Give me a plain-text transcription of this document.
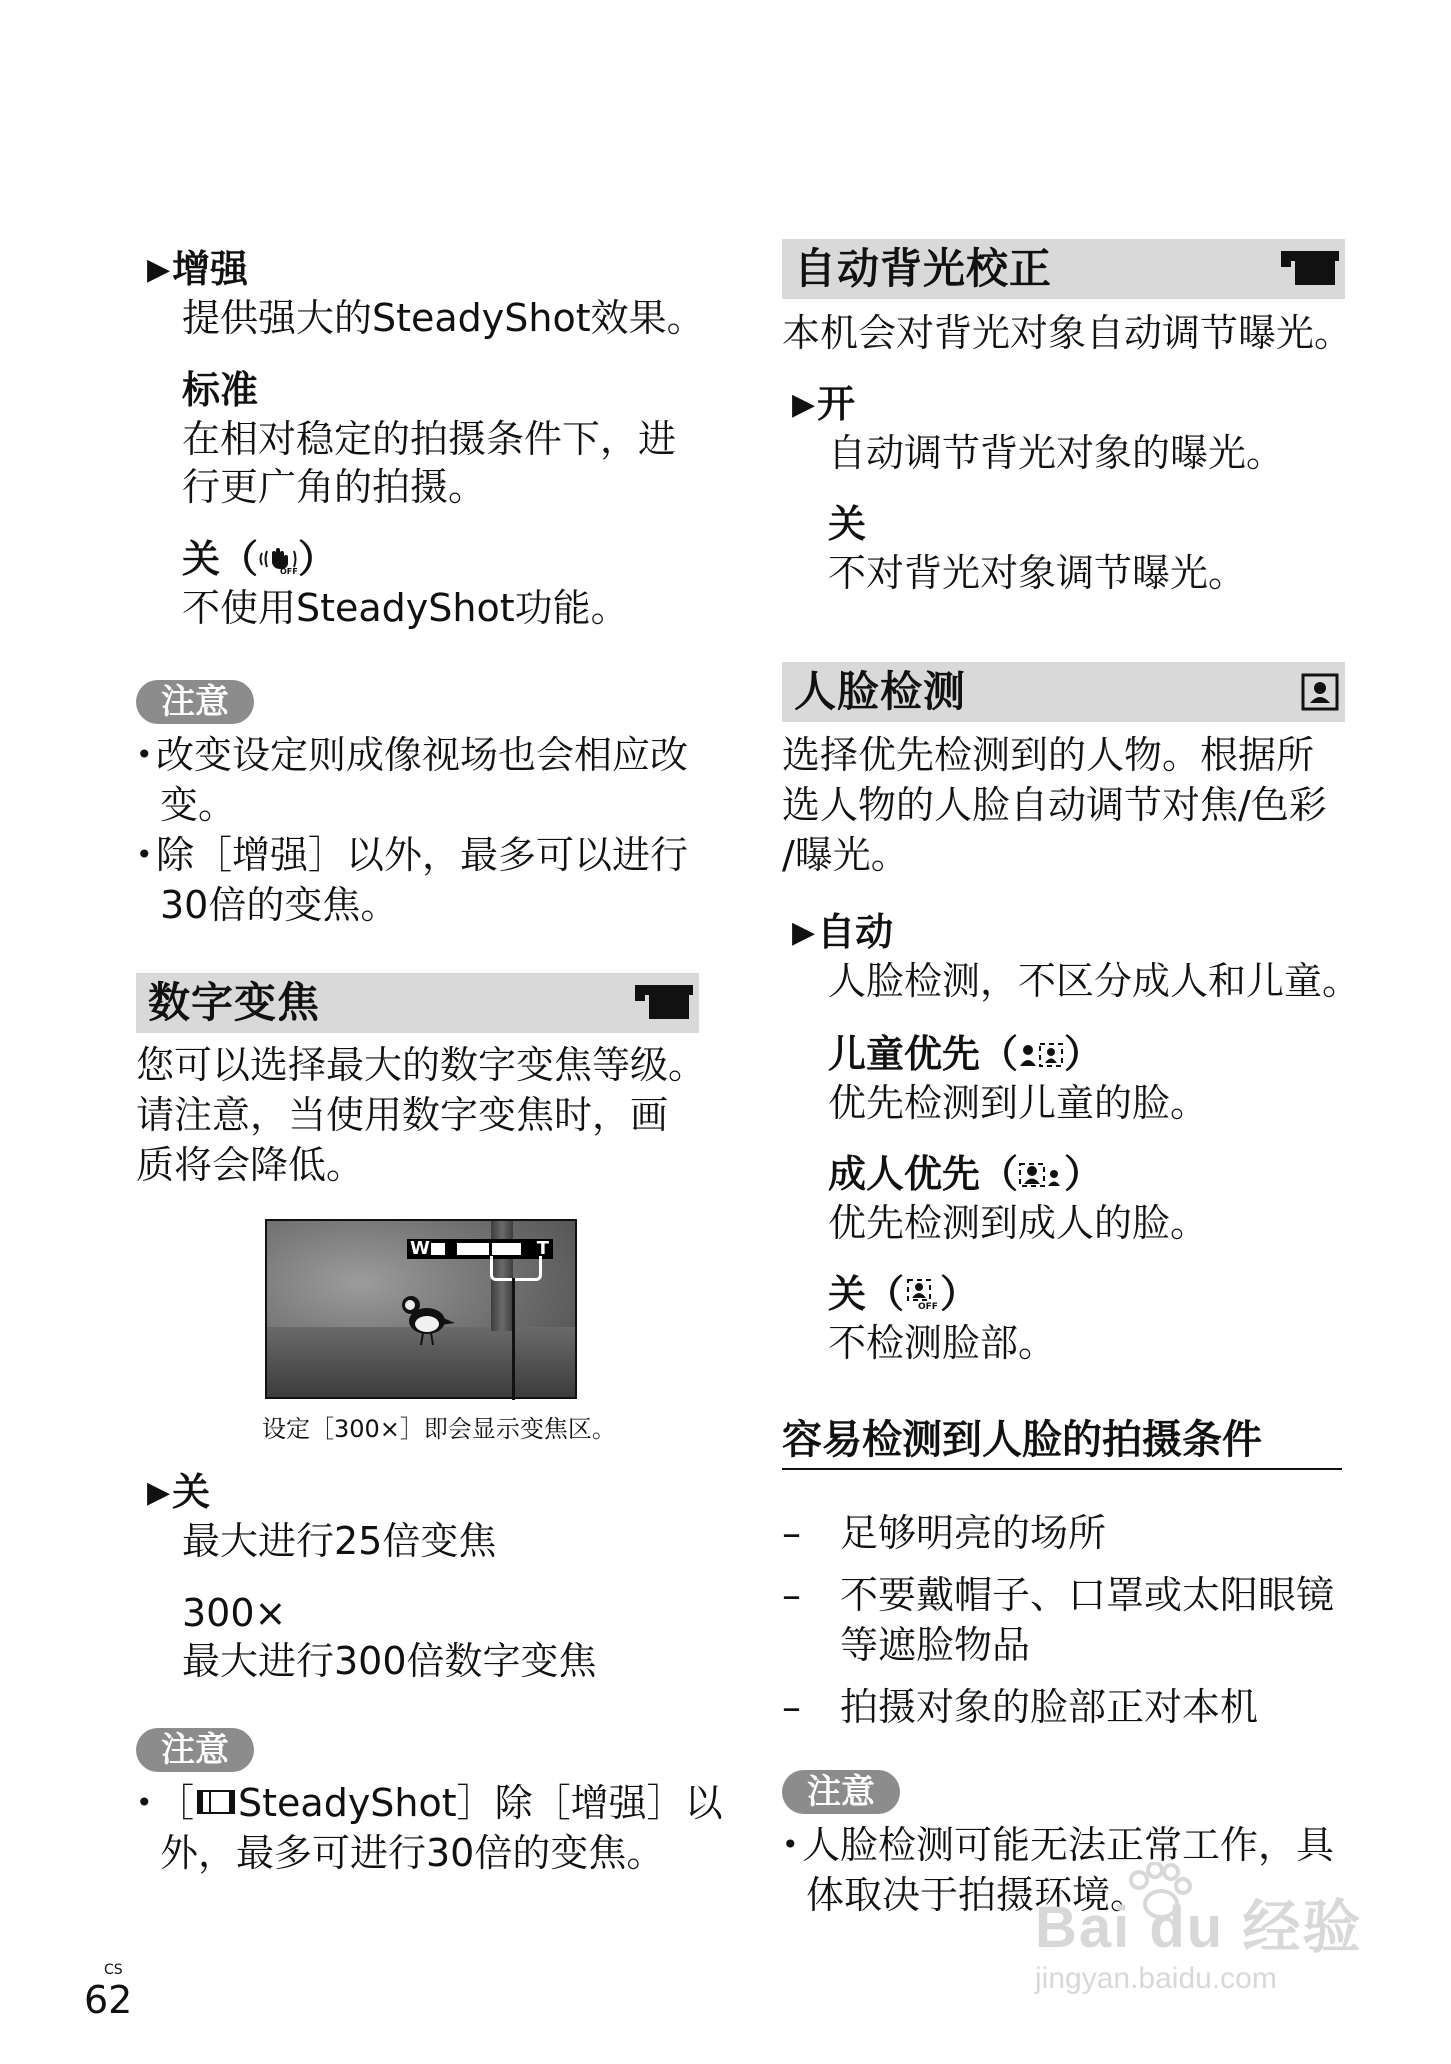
▶增强
提供强大的SteadyShot效果。
标准
在相对稳定的拍摄条件下，进
行更广角的拍摄。
关（	OFF ）
不使用SteadyShot功能。
注意
•改变设定则成像视场也会相应改
变。
•除［增强］以外，最多可以进行
30倍的变焦。
数字变焦
您可以选择最大的数字变焦等级。
请注意，当使用数字变焦时，画
质将会降低。
W	T
设定［300×］即会显示变焦区。
▶关
最大进行25倍变焦
300×
最大进行300倍数字变焦
注意
•［ SteadyShot］除［增强］以
外，最多可进行30倍的变焦。
CS
62
自动背光校正
本机会对背光对象自动调节曝光。
▶开
自动调节背光对象的曝光。
关
不对背光对象调节曝光。
人脸检测
选择优先检测到的人物。根据所
选人物的人脸自动调节对焦/色彩
/曝光。
▶自动
人脸检测，不区分成人和儿童。
儿童优先（ ）
优先检测到儿童的脸。
成人优先（ ）
优先检测到成人的脸。
关（ OFF ）
不检测脸部。
容易检测到人脸的拍摄条件
– 足够明亮的场所
– 不要戴帽子、口罩或太阳眼镜
等遮脸物品
– 拍摄对象的脸部正对本机
注意
•人脸检测可能无法正常工作，具
体取决于拍摄环境。
Bai du 经验
jingyan.baidu.com
